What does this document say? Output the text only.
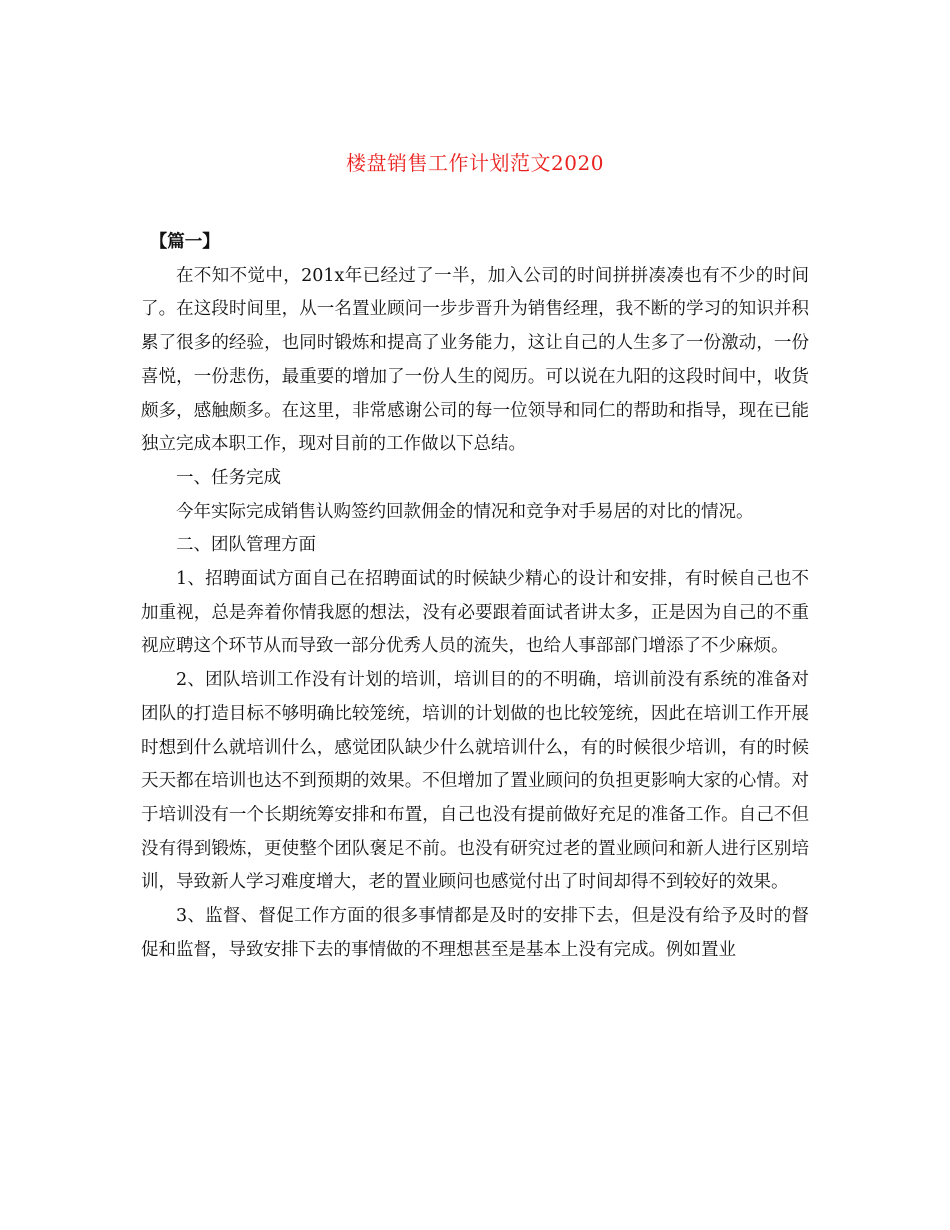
楼盘销售工作计划范文2020

【篇一】

在不知不觉中，201x年已经过了一半，加入公司的时间拼拼凑凑也有不少的时间了。在这段时间里，从一名置业顾问一步步晋升为销售经理，我不断的学习的知识并积累了很多的经验，也同时锻炼和提高了业务能力，这让自己的人生多了一份激动，一份喜悦，一份悲伤，最重要的增加了一份人生的阅历。可以说在九阳的这段时间中，收货颇多，感触颇多。在这里，非常感谢公司的每一位领导和同仁的帮助和指导，现在已能独立完成本职工作，现对目前的工作做以下总结。

一、任务完成

今年实际完成销售认购签约回款佣金的情况和竞争对手易居的对比的情况。

二、团队管理方面

1、招聘面试方面自己在招聘面试的时候缺少精心的设计和安排，有时候自己也不加重视，总是奔着你情我愿的想法，没有必要跟着面试者讲太多，正是因为自己的不重视应聘这个环节从而导致一部分优秀人员的流失，也给人事部部门增添了不少麻烦。

2、团队培训工作没有计划的培训，培训目的的不明确，培训前没有系统的准备对团队的打造目标不够明确比较笼统，培训的计划做的也比较笼统，因此在培训工作开展时想到什么就培训什么，感觉团队缺少什么就培训什么，有的时候很少培训，有的时候天天都在培训也达不到预期的效果。不但增加了置业顾问的负担更影响大家的心情。对于培训没有一个长期统筹安排和布置，自己也没有提前做好充足的准备工作。自己不但没有得到锻炼，更使整个团队褒足不前。也没有研究过老的置业顾问和新人进行区别培训，导致新人学习难度增大，老的置业顾问也感觉付出了时间却得不到较好的效果。

3、监督、督促工作方面的很多事情都是及时的安排下去，但是没有给予及时的督促和监督，导致安排下去的事情做的不理想甚至是基本上没有完成。例如置业
